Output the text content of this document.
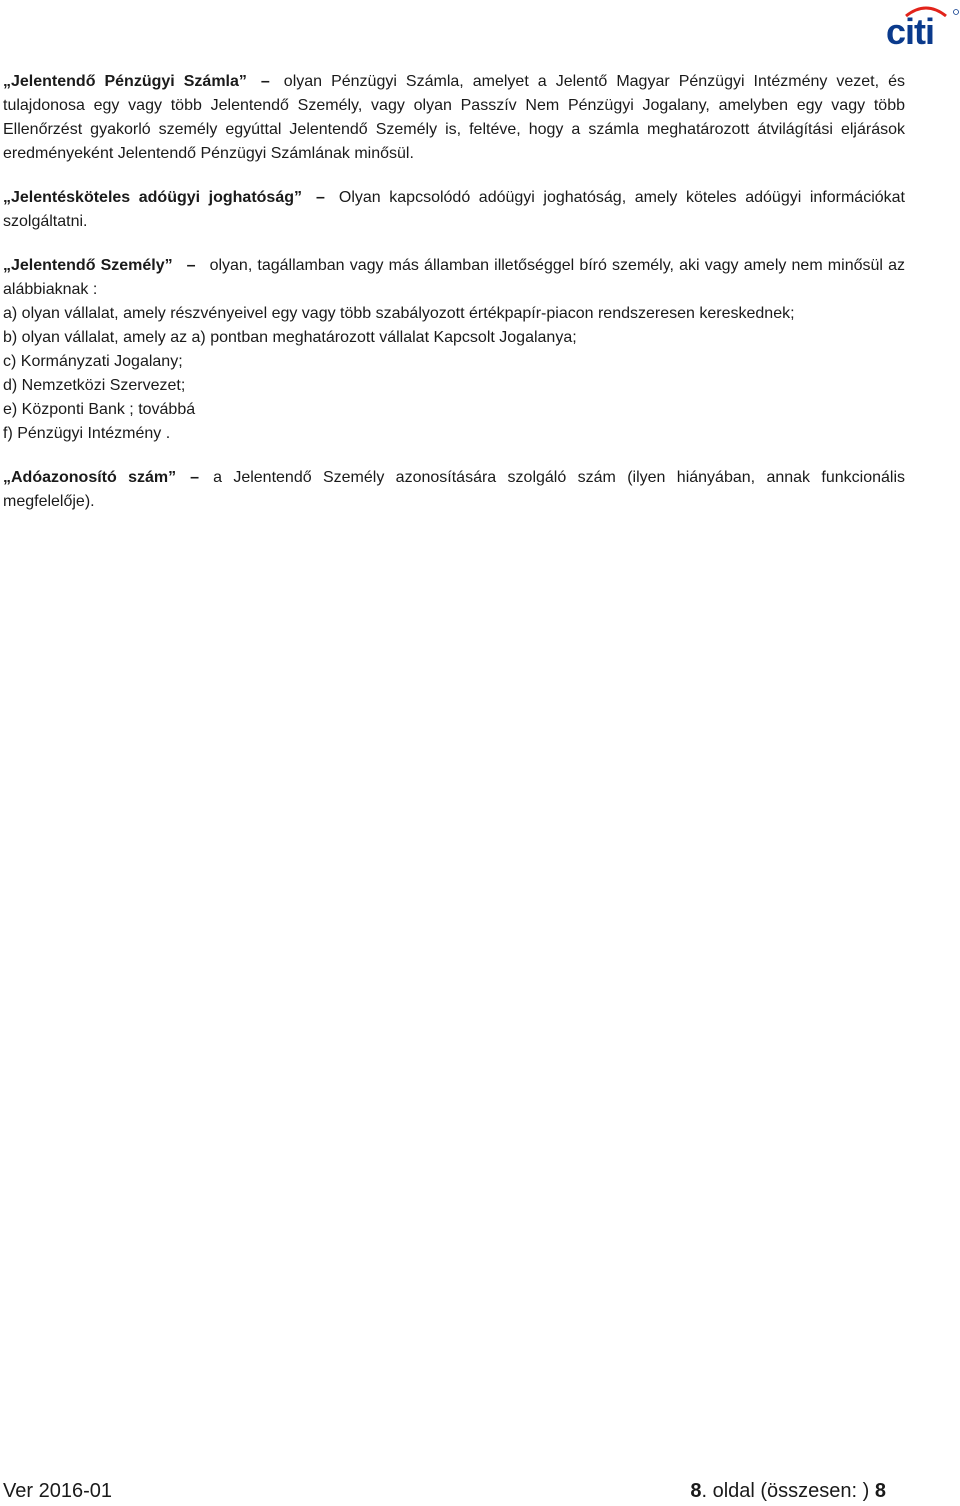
citi

„Jelentendő Pénzügyi Számla” – olyan Pénzügyi Számla, amelyet a Jelentő Magyar Pénzügyi Intézmény vezet, és tulajdonosa egy vagy több Jelentendő Személy, vagy olyan Passzív Nem Pénzügyi Jogalany, amelyben egy vagy több Ellenőrzést gyakorló személy egyúttal Jelentendő Személy is, feltéve, hogy a számla meghatározott átvilágítási eljárások eredményeként Jelentendő Pénzügyi Számlának minősül.

„Jelentésköteles adóügyi joghatóság” – Olyan kapcsolódó adóügyi joghatóság, amely köteles adóügyi információkat szolgáltatni.

„Jelentendő Személy” – olyan, tagállamban vagy más államban illetőséggel bíró személy, aki vagy amely nem minősül az alábbiaknak :

a) olyan vállalat, amely részvényeivel egy vagy több szabályozott értékpapír-piacon rendszeresen kereskednek;
b) olyan vállalat, amely az a) pontban meghatározott vállalat Kapcsolt Jogalanya;
c) Kormányzati Jogalany;
d) Nemzetközi Szervezet;
e) Központi Bank ; továbbá
f) Pénzügyi Intézmény .

„Adóazonosító szám” – a Jelentendő Személy azonosítására szolgáló szám (ilyen hiányában, annak funkcionális megfelelője).

Ver 2016-01	8. oldal (összesen: ) 8
